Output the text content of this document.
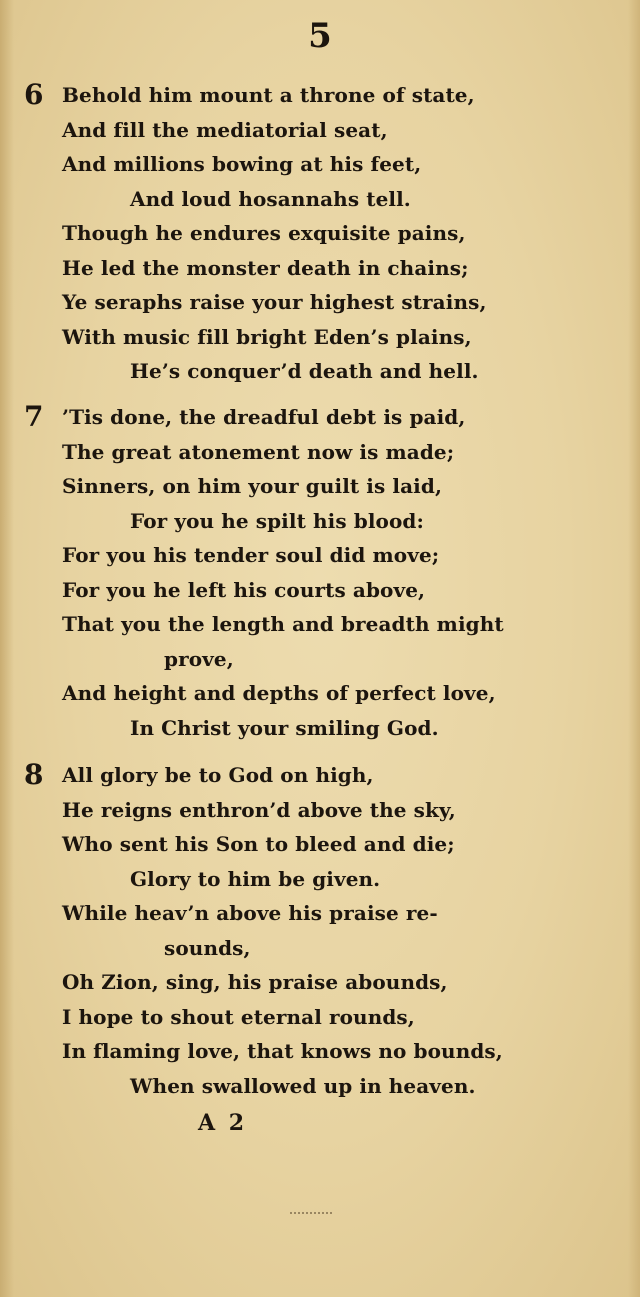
5
6 Behold him mount a throne of state,
And fill the mediatorial seat,
And millions bowing at his feet,
And loud hosannahs tell.
Though he endures exquisite pains,
He led the monster death in chains;
Ye seraphs raise your highest strains,
With music fill bright Eden’s plains,
He’s conquer’d death and hell.
7 ’Tis done, the dreadful debt is paid,
The great atonement now is made;
Sinners, on him your guilt is laid,
For you he spilt his blood:
For you his tender soul did move;
For you he left his courts above,
That you the length and breadth might
prove,
And height and depths of perfect love,
In Christ your smiling God.
8 All glory be to God on high,
He reigns enthron’d above the sky,
Who sent his Son to bleed and die;
Glory to him be given.
While heav’n above his praise re-
sounds,
Oh Zion, sing, his praise abounds,
I hope to shout eternal rounds,
In flaming love, that knows no bounds,
When swallowed up in heaven.
A 2
